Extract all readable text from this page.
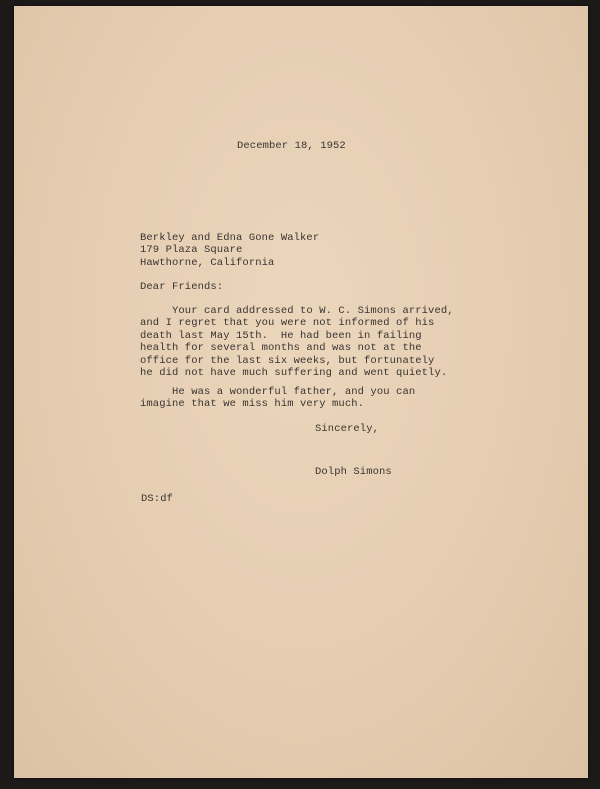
December 18, 1952
Berkley and Edna Gone Walker
179 Plaza Square
Hawthorne, California
Dear Friends:
Your card addressed to W. C. Simons arrived,
and I regret that you were not informed of his
death last May 15th.  He had been in failing
health for several months and was not at the
office for the last six weeks, but fortunately
he did not have much suffering and went quietly.
He was a wonderful father, and you can
imagine that we miss him very much.
Sincerely,
Dolph Simons
DS:df
